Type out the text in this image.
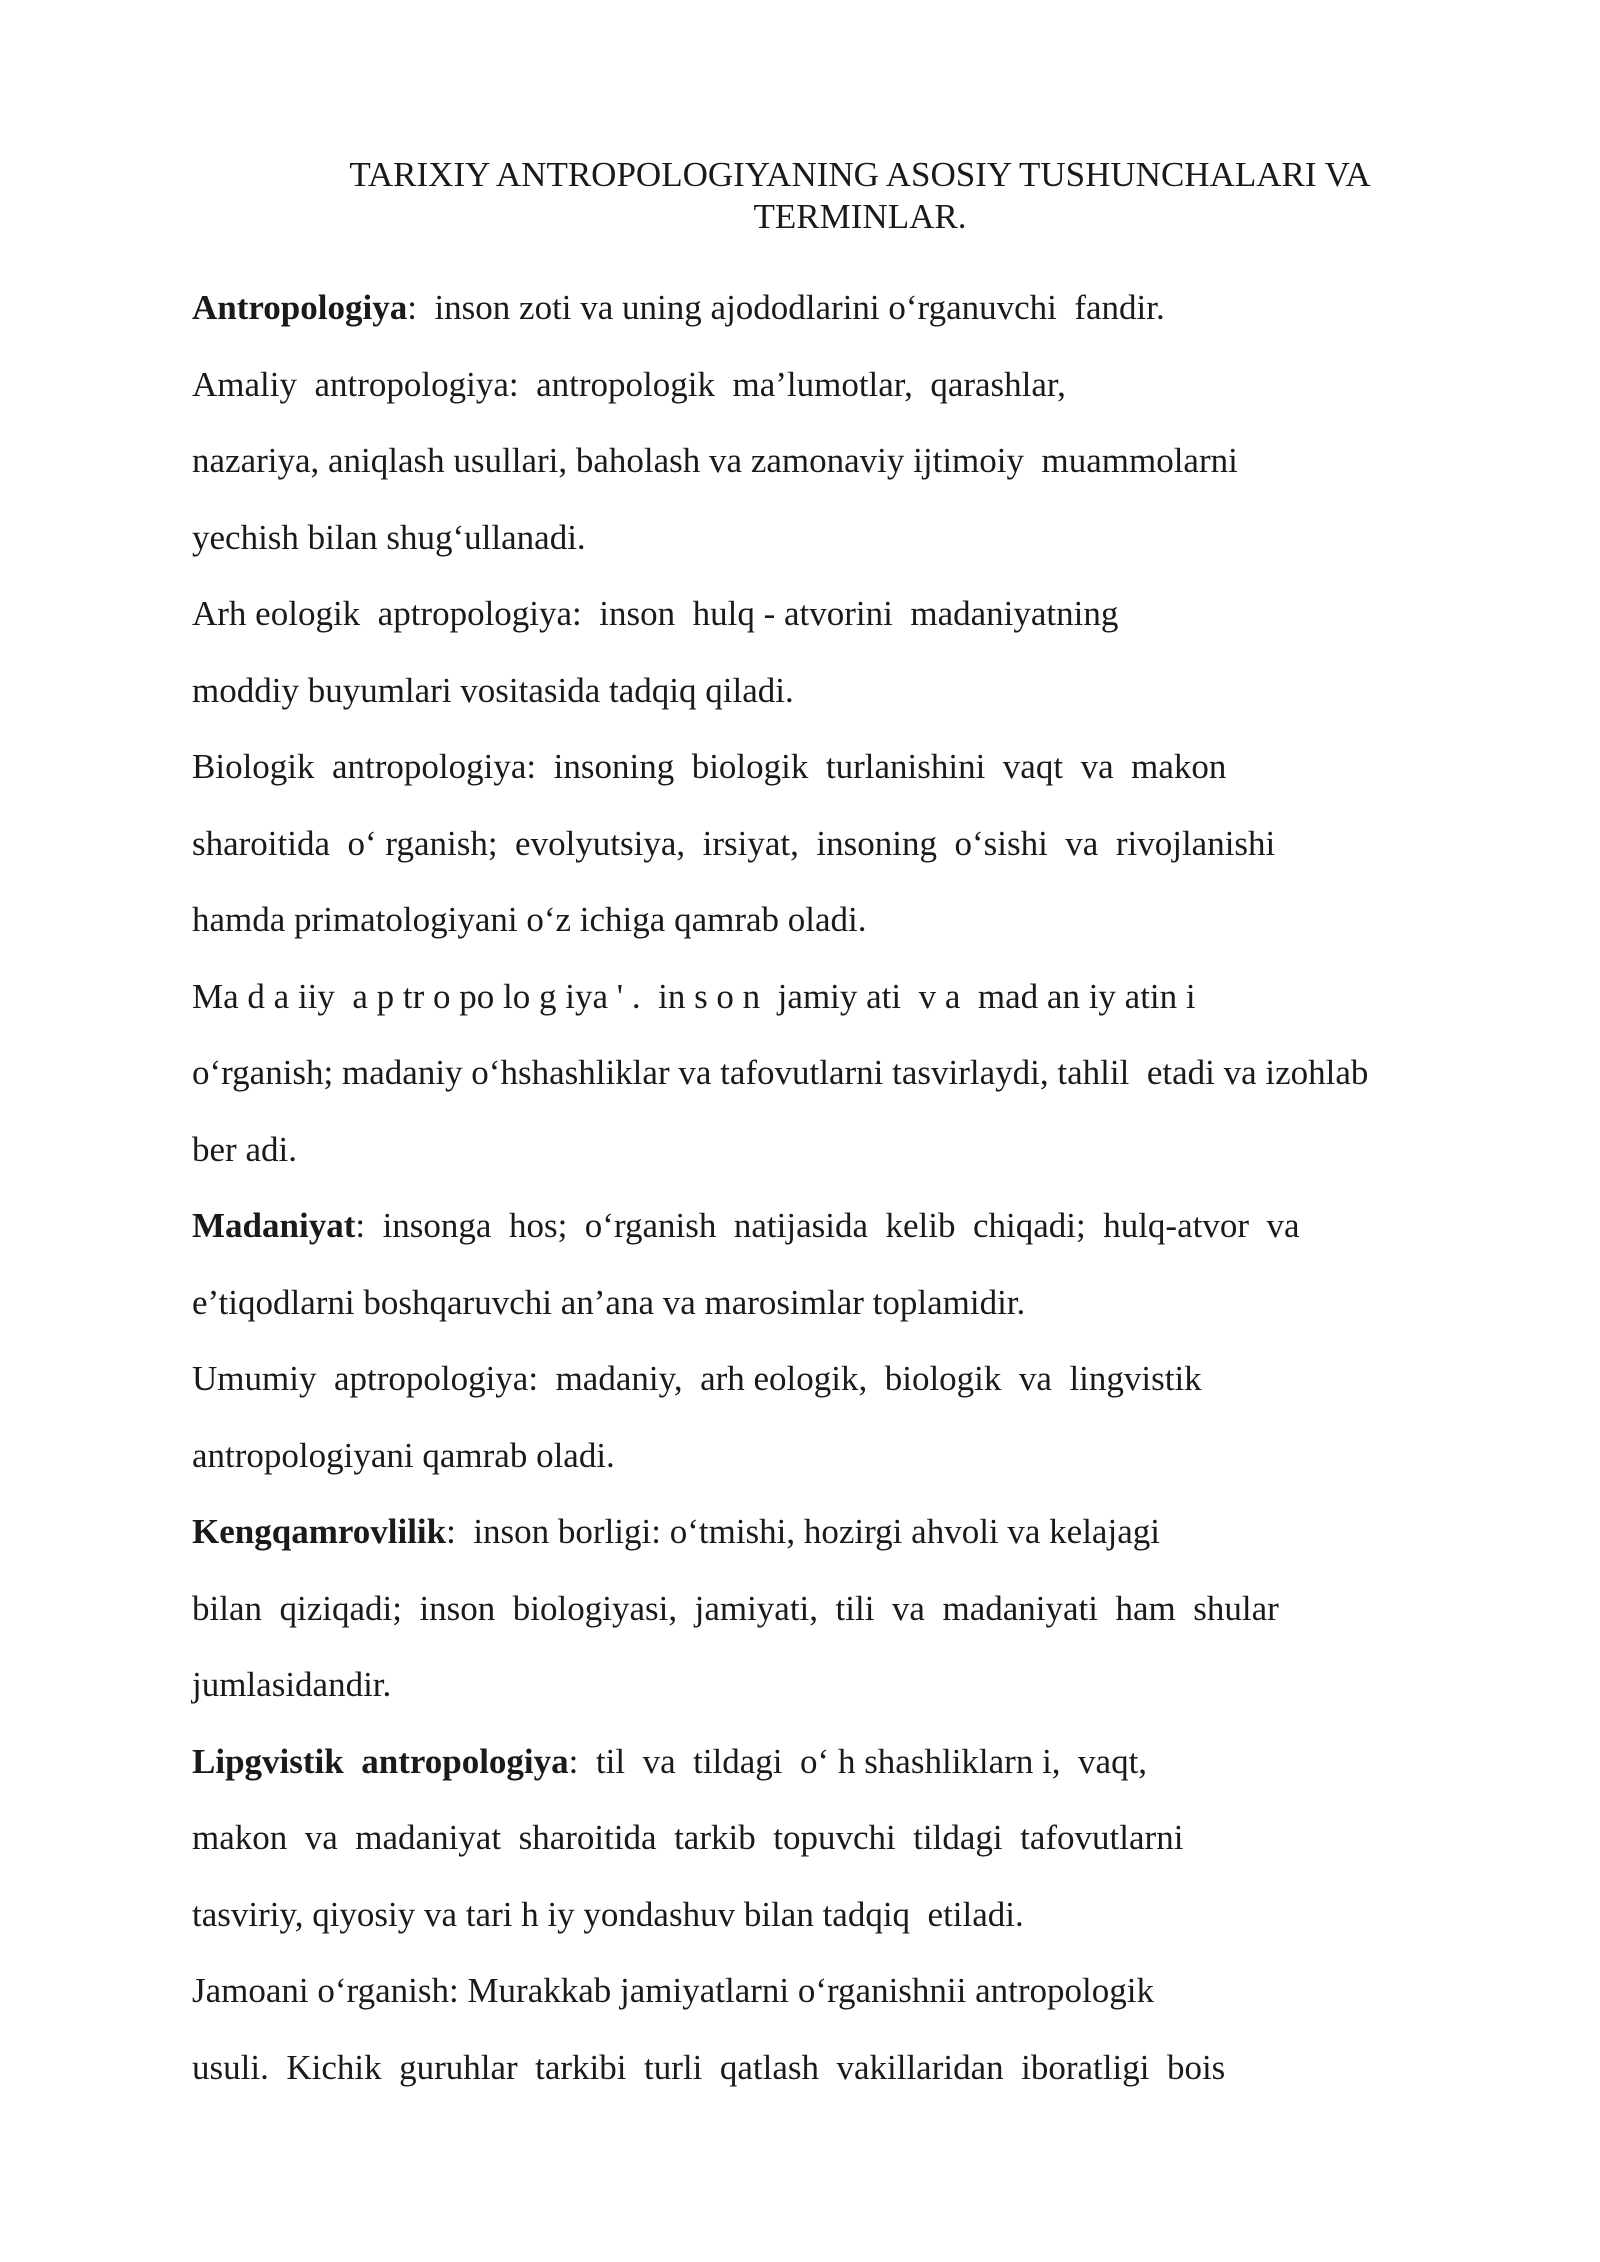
TARIXIY ANTROPOLOGIYANING ASOSIY TUSHUNCHALARI VA
TERMINLAR.
Antropologiya:  inson zoti va uning ajododlarini o‘rganuvchi  fandir.
Amaliy  antropologiya:  antropologik  ma’lumotlar,  qarashlar,
nazariya, aniqlash usullari, baholash va zamonaviy ijtimoiy  muammolarni
yechish bilan shug‘ullanadi.
Arh eologik  aptropologiya:  inson  hulq - atvorini  madaniyatning
moddiy buyumlari vositasida tadqiq qiladi.
Biologik  antropologiya:  insoning  biologik  turlanishini  vaqt  va  makon
sharoitida  o‘ rganish;  evolyutsiya,  irsiyat,  insoning  o‘sishi  va  rivojlanishi
hamda primatologiyani o‘z ichiga qamrab oladi.
Ma d a iiy  a p tr o po lo g iya ' .  in s o n  jamiy ati  v a  mad an iy atin i
o‘rganish; madaniy o‘hshashliklar va tafovutlarni tasvirlaydi, tahlil  etadi va izohlab
ber adi.
Madaniyat:  insonga  hos;  o‘rganish  natijasida  kelib  chiqadi;  hulq-atvor  va
e’tiqodlarni boshqaruvchi an’ana va marosimlar toplamidir.
Umumiy  aptropologiya:  madaniy,  arh eologik,  biologik  va  lingvistik
antropologiyani qamrab oladi.
Kengqamrovlilik:  inson borligi: o‘tmishi, hozirgi ahvoli va kelajagi
bilan  qiziqadi;  inson  biologiyasi,  jamiyati,  tili  va  madaniyati  ham  shular
jumlasidandir.
Lipgvistik  antropologiya:  til  va  tildagi  o‘ h shashliklarn i,  vaqt,
makon  va  madaniyat  sharoitida  tarkib  topuvchi  tildagi  tafovutlarni
tasviriy, qiyosiy va tari h iy yondashuv bilan tadqiq  etiladi.
Jamoani o‘rganish: Murakkab jamiyatlarni o‘rganishnii antropologik
usuli.  Kichik  guruhlar  tarkibi  turli  qatlash  vakillaridan  iboratligi  bois
